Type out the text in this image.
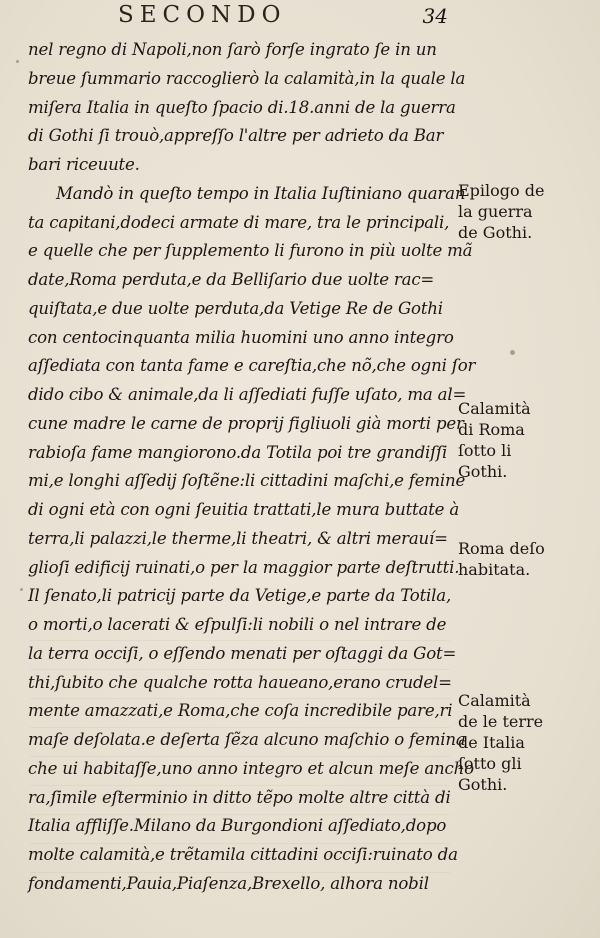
SECONDO	34
nel regno di Napoli,non ſarò forſe ingrato ſe in un
breue ſummario raccoglierò la calamità,in la quale la
miſera Italia in queſto ſpacio di.18.anni de la guerra
di Gothi ſi trouò,appreſſo l'altre per adrieto da Bar
bari riceuute.
Mandò in queſto tempo in Italia Iuſtiniano quaran
ta capitani,dodeci armate di mare, tra le principali,
e quelle che per ſupplemento li furono in più uolte mã
date,Roma perduta,e da Belliſario due uolte rac=
quiſtata,e due uolte perduta,da Vetige Re de Gothi
con centocinquanta milia huomini uno anno integro
aſſediata con tanta fame e careſtia,che nõ,che ogni ſor
dido cibo & animale,da li aſſediati fuſſe uſato, ma al=
cune madre le carne de proprij figliuoli già morti per
rabioſa fame mangiorono.da Totila poi tre grandiſſi
mi,e longhi aſſedij ſoſtẽne:li cittadini maſchi,e femine
di ogni età con ogni ſeuitia trattati,le mura buttate à
terra,li palazzi,le therme,li theatri, & altri merauí=
glioſi edificij ruinati,o per la maggior parte deſtrutti.
Il ſenato,li patricij parte da Vetige,e parte da Totila,
o morti,o lacerati & eſpulſi:li nobili o nel intrare de
la terra occiſi, o eſſendo menati per oſtaggi da Got=
thi,ſubito che qualche rotta haueano,erano crudel=
mente amazzati,e Roma,che coſa incredibile pare,ri
maſe deſolata.e deſerta ſẽza alcuno maſchio o femina
che ui habitaſſe,uno anno integro et alcun meſe ancho
ra,ſimile eſterminio in ditto tẽpo molte altre città di
Italia affliſſe.Milano da Burgondioni aſſediato,dopo
molte calamità,e trẽtamila cittadini occiſi:ruinato da
fondamenti,Pauia,Piaſenza,Brexello, alhora nobil
Epilogo de
la guerra
de Gothi.
Calamità
di Roma
ſotto li
Gothi.
Roma deſo
habitata.
Calamità
de le terre
de Italia
ſotto gli
Gothi.
